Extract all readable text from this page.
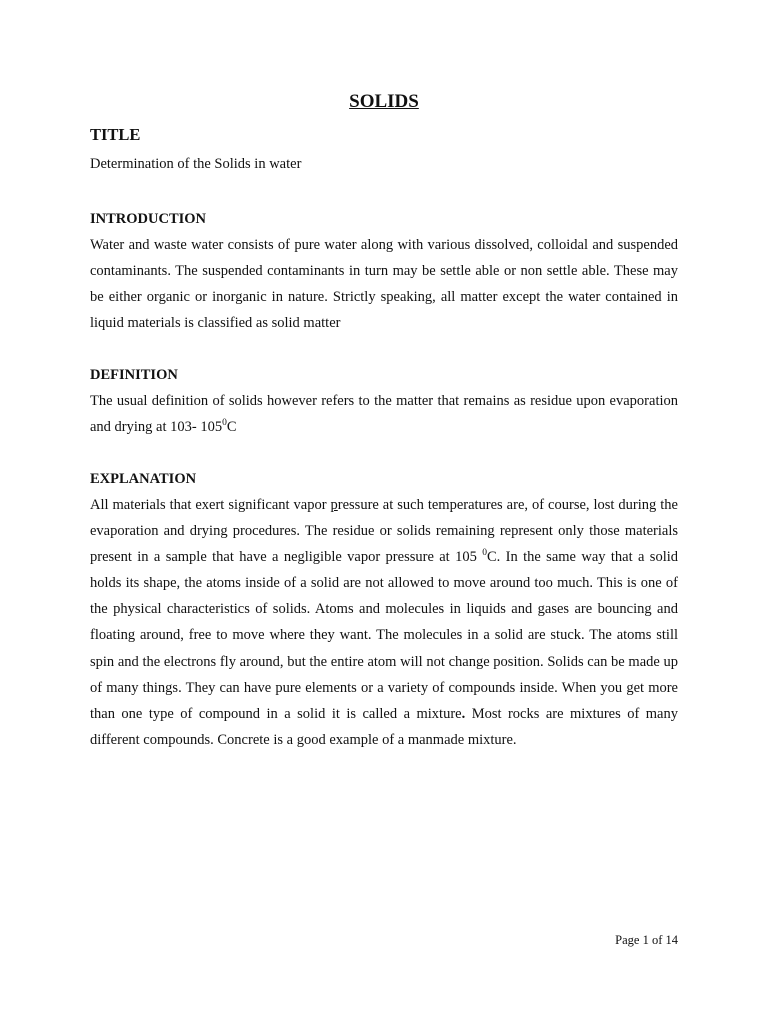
SOLIDS
TITLE

Determination of the Solids in water

INTRODUCTION

Water and waste water consists of pure water along with various dissolved, colloidal and suspended contaminants. The suspended contaminants in turn may be settle able or non settle able. These may be either organic or inorganic in nature. Strictly speaking, all matter except the water contained in liquid materials is classified as solid matter

DEFINITION

The usual definition of solids however refers to the matter that remains as residue upon evaporation and drying at 103- $105^0C$

EXPLANATION

All materials that exert significant vapor pressure at such temperatures are, of course, lost during the evaporation and drying procedures. The residue or solids remaining represent only those materials present in a sample that have a negligible vapor pressure at 105 $^0$C. In the same way that a solid holds its shape, the atoms inside of a solid are not allowed to move around too much. This is one of the physical characteristics of solids. Atoms and molecules in liquids and gases are bouncing and floating around, free to move where they want. The molecules in a solid are stuck. The atoms still spin and the electrons fly around, but the entire atom will not change position. Solids can be made up of many things. They can have pure elements or a variety of compounds inside. When you get more than one type of compound in a solid it is called a mixture. Most rocks are mixtures of many different compounds. Concrete is a good example of a manmade mixture.

Page 1 of 14
